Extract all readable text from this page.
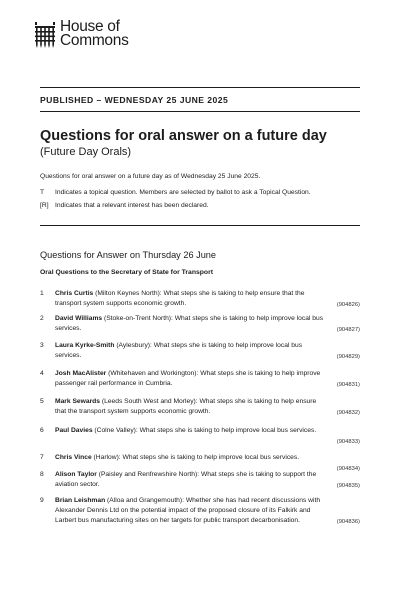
House of
Commons
PUBLISHED – WEDNESDAY 25 JUNE 2025
Questions for oral answer on a future day
(Future Day Orals)
Questions for oral answer on a future day as of Wednesday 25 June 2025.
T	Indicates a topical question. Members are selected by ballot to ask a Topical Question.
[R] Indicates that a relevant interest has been declared.
Questions for Answer on Thursday 26 June
Oral Questions to the Secretary of State for Transport
1 Chris Curtis (Milton Keynes North): What steps she is taking to help ensure that the
transport system supports economic growth.	(904826)
2 David Williams (Stoke-on-Trent North): What steps she is taking to help improve local bus
services.	(904827)
3 Laura Kyrke-Smith (Aylesbury): What steps she is taking to help improve local bus
services.	(904829)
4 Josh MacAlister (Whitehaven and Workington): What steps she is taking to help improve
passenger rail performance in Cumbria.	(904831)
5 Mark Sewards (Leeds South West and Morley): What steps she is taking to help ensure
that the transport system supports economic growth.	(904832)
6 Paul Davies (Colne Valley): What steps she is taking to help improve local bus services.
(904833)
7 Chris Vince (Harlow): What steps she is taking to help improve local bus services.
(904834)
8 Alison Taylor (Paisley and Renfrewshire North): What steps she is taking to support the
aviation sector.	(904835)
9 Brian Leishman (Alloa and Grangemouth): Whether she has had recent discussions with
Alexander Dennis Ltd on the potential impact of the proposed closure of its Falkirk and
Larbert bus manufacturing sites on her targets for public transport decarbonisation.	(904836)
